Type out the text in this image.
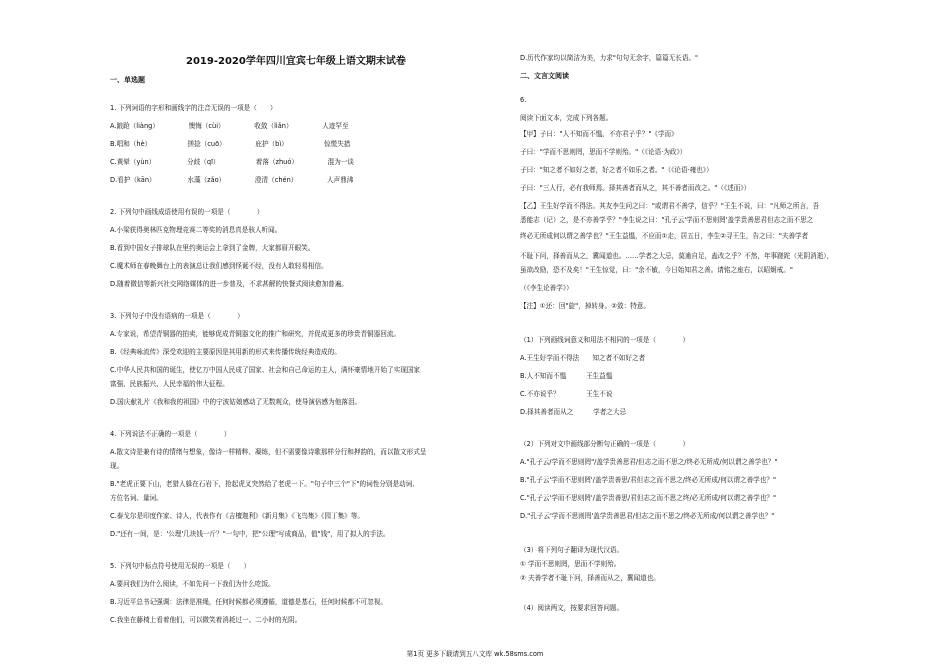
2019-2020学年四川宜宾七年级上语文期末试卷
一、单选题
1. 下列词语的字形和画线字的注音无误的一项是（　　）
A.踉跄（liàng）　　　　　懊悔（cùi）　　　　　收敛（liǎn）　　　　　人迹罕至
B.唱和（hè）　　　　　　搓捻（cuō）　　　　　庇护（bì）　　　　　　惊慌失措
C.黄晕（yùn）　　　　　 分歧（qī）　　　　　　着落（zhuó）　　　　　混为一谈
D.看护（kān）　　　　　 水藻（zǎo）　　　　　澄清（chén）　　　　　人声鼎沸
2. 下列句中画线成语使用有误的一项是（　　　　）
A.小梁获得奥林匹克物理竞赛二等奖的消息真是骇人听闻。
B.看到中国女子排球队在里约奥运会上拿到了金牌，大家都眉开眼笑。
C.魔术师在春晚舞台上的表演总让我们感到怪诞不经，没有人敢轻易相信。
D.随着微信等新兴社交网络媒体的进一步普及，不求甚解的快餐式阅读愈加普遍。
3. 下列句子中没有语病的一项是（　　　　）
A.专家说，希望青铜器的拍卖，能够促成青铜器文化的推广和研究，并促成更多的珍贵青铜器回流。
B.《经典咏流传》深受欢迎的主要原因是其用新的形式来传播传统经典造成的。
C.中华人民共和国的诞生，使亿万中国人民成了国家、社会和自己命运的主人，满怀豪情地开始了实现国家
富强、民族振兴、人民幸福的伟大征程。
D.国庆献礼片《我和我的祖国》中的宁波姑娘感动了无数观众，使导演倍感为他落泪。
4. 下列说法不正确的一项是（　　　　）
A.散文诗是兼有诗的情绪与想象，像诗一样精粹、凝练，但不需要像诗歌那样分行和押韵的，而以散文形式呈
现。
B."老虎正要下山，老猎人躲在石岩下，抢起虎叉突然给了老虎一下。"句子中三个"下"的词性分别是动词、
方位名词、量词。
C.泰戈尔是印度作家、诗人，代表作有《吉檀迦利》《新月集》《飞鸟集》《园丁集》等。
D."还有一间，是：'公理'几块钱一斤？"一句中，把"公理"写成商品，值"钱"，用了拟人的手法。
5. 下列句中标点符号使用无误的一项是（　　）
A.要问我们为什么阅读，不如先问一下我们为什么吃饭。
B.习近平总书记强调：法律是准绳，任何时候都必须遵循，道德是基石，任何时候都不可忽视。
C.我坐在藤椅上看着他们，可以微笑着消耗过一、二小时的光阴。
D.历代作家均以简洁为美，力求"句句无余字，篇篇无长语。"
二、文言文阅读
6.
阅读下面文本，完成下列各题。
【甲】子曰："人不知而不愠，不亦君子乎？"《学而》
子曰："学而不思则罔，思而不学则殆。"（《论语·为政》）
子曰："知之者不如好之者，好之者不如乐之者。"（《论语·雍也》）
子曰："三人行，必有我师焉。择其善者而从之，其不善者而改之。"（《述而》）
【乙】王生好学而不得法。其友李生问之曰："或谓君不善学，信乎？"王生不说，曰："凡师之所言，吾
悉能志（记）之，是不亦善学乎？"李生说之曰："孔子云'学而不思则罔'盖学贵善思君但志之而不思之
终必无所成何以谓之善学也？"王生益愠，不应而①走，居五日，李生②寻王生，告之曰："夫善学者
不耻下问，择善而从之，冀闻道也。……学者之大忌，莫逾自足，盍改之乎？不然，年事蹉跎（光阴消逝），
虽欲改励，恐不及矣！"王生惊觉，曰："余不敏，今日始知君之善。请铭之座右，以昭炯戒。"
（《李生论善学》）
【注】①还：回"旋"，掉转身。②敛：特意。
（1）下列画线词意义和用法不相同的一项是（　　　　）
A.王生好学而不得法　　知之者不如好之者
B.人不知而不愠　　　王生益愠
C.不亦说乎？　　　　王生不说
D.择其善者而从之　　　学者之大忌
（2）下列对文中画线部分断句正确的一项是（　　　　）
A."孔子云/学而不思则罔"/盖学贵善思君/但志之而不思之/终必无所成/何以谓之善学也？"
B."孔子云'学而不思则罔'/盖学贵善思/君但志之而不思之/终必无所成/何以谓之善学也？"
C."孔子云'学而不思则罔'/盖学贵善思/君但志之而不思之终/必无所成/何以谓之善学也？"
D."孔子云'学而不思则罔'盖学贵善思君/但志之而不思之/终必无所成/何以谓之善学也？"
（3）将下列句子翻译为现代汉语。
① 学而不思则罔，思而不学则殆。
② 夫善学者不耻下问，择善而从之，冀闻道也。
（4）阅读两文，按要求回答问题。
第1页 更多下载请到五八文库 wk.58sms.com
